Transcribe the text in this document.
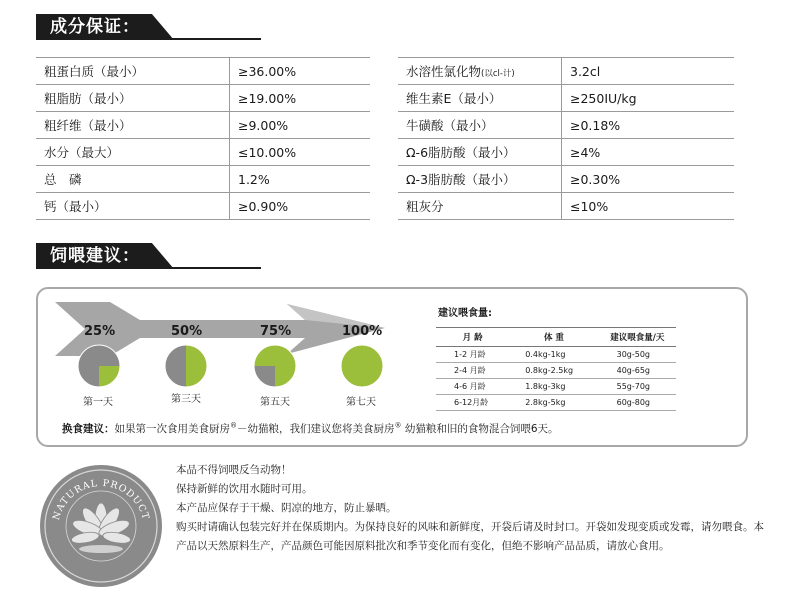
成分保证：
粗蛋白质（最小）	≥36.00%
粗脂肪（最小）	≥19.00%
粗纤维（最小）	≥9.00%
水分（最大）	≤10.00%
总　磷	1.2%
钙（最小）	≥0.90%
水溶性氯化物(以cl-计)	3.2cl
维生素E（最小）	≥250IU/kg
牛磺酸（最小）	≥0.18%
Ω-6脂肪酸（最小）	≥4%
Ω-3脂肪酸（最小）	≥0.30%
粗灰分	≤10%
饲喂建议：
25%	50%	75%	100%
第一天	第三天	第五天	第七天
建议喂食量:
月 龄	体 重	建议喂食量/天
1-2 月龄	0.4kg-1kg	30g-50g
2-4 月龄	0.8kg-2.5kg	40g-65g
4-6 月龄	1.8kg-3kg	55g-70g
6-12月龄	2.8kg-5kg	60g-80g
换食建议：如果第一次食用美食厨房®－幼猫粮，我们建议您将美食厨房® 幼猫粮和旧的食物混合饲喂6天。
NATURAL PRODUCT

本品不得饲喂反刍动物！

保持新鲜的饮用水随时可用。

本产品应保存于干燥、阴凉的地方，防止暴晒。

购买时请确认包装完好并在保质期内。为保持良好的风味和新鲜度，开袋后请及时封口。开袋如发现变质或发霉，请勿喂食。本产品以天然原料生产，产品颜色可能因原料批次和季节变化而有变化，但绝不影响产品品质，请放心食用。
